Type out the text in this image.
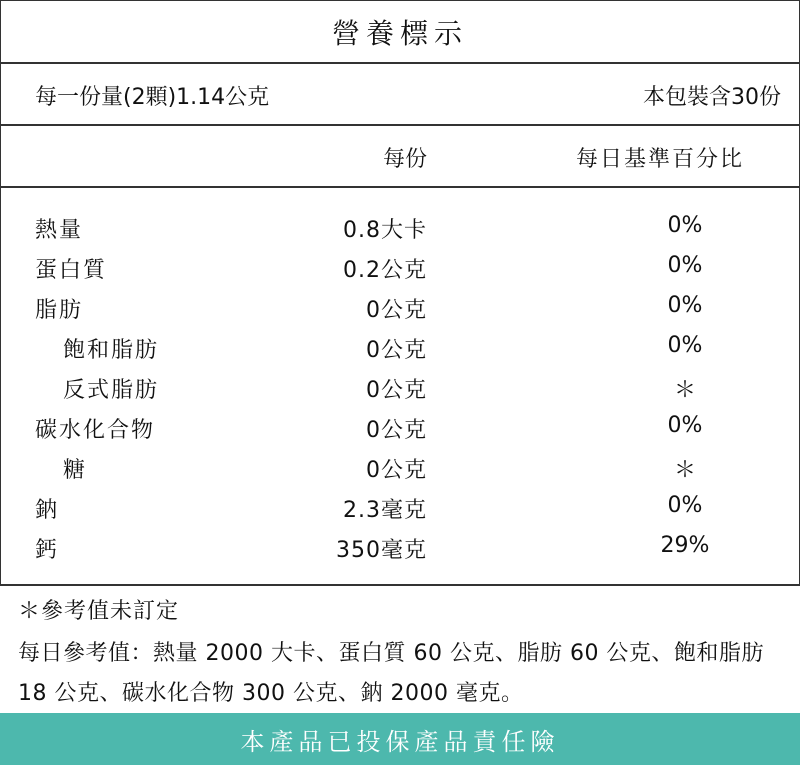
營養標示
每一份量(2顆)1.14公克	本包裝含30份
每份	每日基準百分比
熱量	0.8大卡	0%
蛋白質	0.2公克	0%
脂肪	0公克	0%
飽和脂肪	0公克	0%
反式脂肪	0公克	＊
碳水化合物	0公克	0%
糖	0公克	＊
鈉	2.3毫克	0%
鈣	350毫克	29%
＊參考值未訂定
每日參考值：熱量 2000 大卡、蛋白質 60 公克、脂肪 60 公克、飽和脂肪 18 公克、碳水化合物 300 公克、鈉 2000 毫克。
本產品已投保產品責任險
